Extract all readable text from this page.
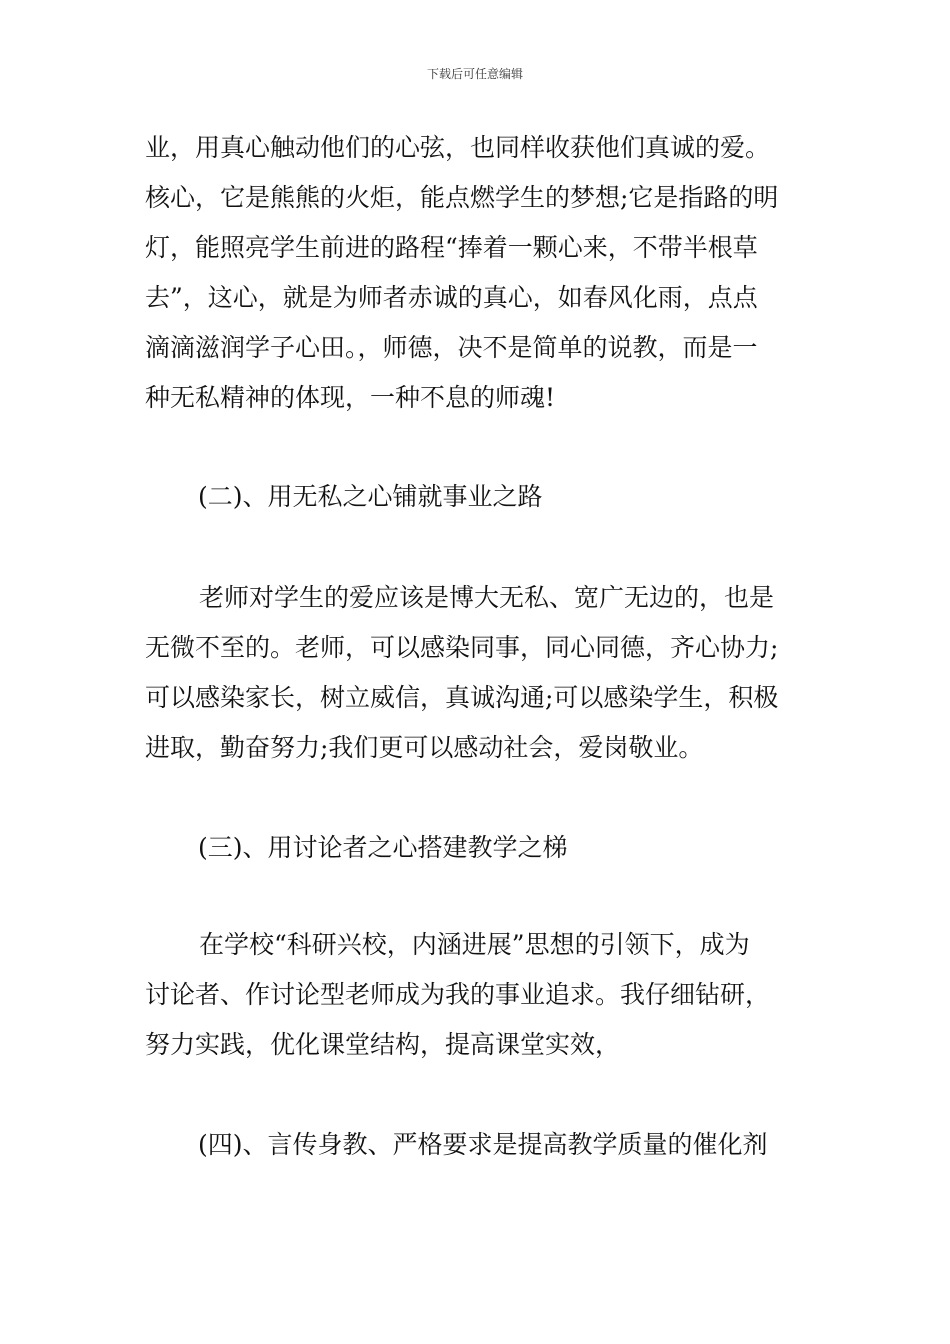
下载后可任意编辑
业，用真心触动他们的心弦，也同样收获他们真诚的爱。
核心，它是熊熊的火炬，能点燃学生的梦想;它是指路的明
灯，能照亮学生前进的路程“捧着一颗心来，不带半根草
去”，这心，就是为师者赤诚的真心，如春风化雨，点点
滴滴滋润学子心田。，师德，决不是简单的说教，而是一
种无私精神的体现，一种不息的师魂!
(二)、用无私之心铺就事业之路
老师对学生的爱应该是博大无私、宽广无边的，也是
无微不至的。老师，可以感染同事，同心同德，齐心协力;
可以感染家长，树立威信，真诚沟通;可以感染学生，积极
进取，勤奋努力;我们更可以感动社会，爱岗敬业。
(三)、用讨论者之心搭建教学之梯
在学校“科研兴校，内涵进展”思想的引领下，成为
讨论者、作讨论型老师成为我的事业追求。我仔细钻研，
努力实践，优化课堂结构，提高课堂实效，
(四)、言传身教、严格要求是提高教学质量的催化剂
